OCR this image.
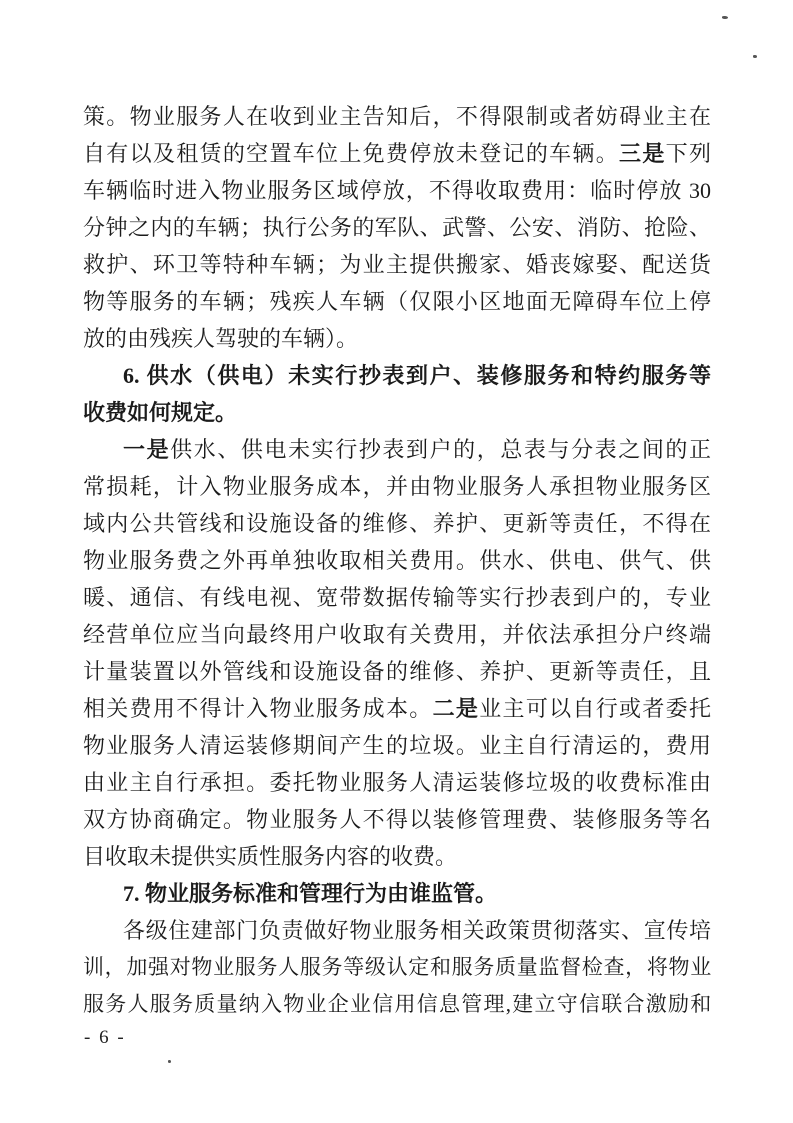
策。物业服务人在收到业主告知后，不得限制或者妨碍业主在
自有以及租赁的空置车位上免费停放未登记的车辆。三是下列
车辆临时进入物业服务区域停放，不得收取费用：临时停放 30
分钟之内的车辆；执行公务的军队、武警、公安、消防、抢险、
救护、环卫等特种车辆；为业主提供搬家、婚丧嫁娶、配送货
物等服务的车辆；残疾人车辆（仅限小区地面无障碍车位上停
放的由残疾人驾驶的车辆）。
6. 供水（供电）未实行抄表到户、装修服务和特约服务等
收费如何规定。
一是供水、供电未实行抄表到户的，总表与分表之间的正
常损耗，计入物业服务成本，并由物业服务人承担物业服务区
域内公共管线和设施设备的维修、养护、更新等责任，不得在
物业服务费之外再单独收取相关费用。供水、供电、供气、供
暖、通信、有线电视、宽带数据传输等实行抄表到户的，专业
经营单位应当向最终用户收取有关费用，并依法承担分户终端
计量装置以外管线和设施设备的维修、养护、更新等责任，且
相关费用不得计入物业服务成本。二是业主可以自行或者委托
物业服务人清运装修期间产生的垃圾。业主自行清运的，费用
由业主自行承担。委托物业服务人清运装修垃圾的收费标准由
双方协商确定。物业服务人不得以装修管理费、装修服务等名
目收取未提供实质性服务内容的收费。
7. 物业服务标准和管理行为由谁监管。
各级住建部门负责做好物业服务相关政策贯彻落实、宣传培
训，加强对物业服务人服务等级认定和服务质量监督检查，将物业
服务人服务质量纳入物业企业信用信息管理,建立守信联合激励和
- 6 -
